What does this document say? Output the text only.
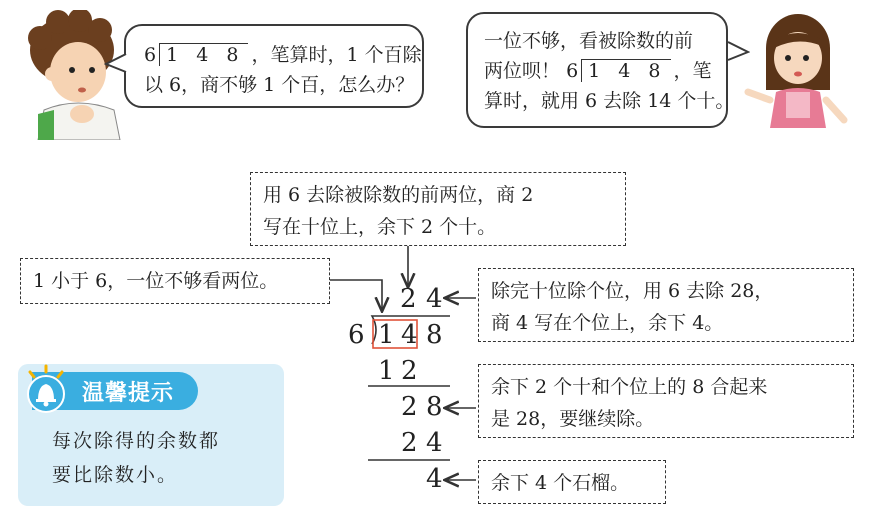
6 1 4 8 ，笔算时，1 个百除
以 6，商不够 1 个百，怎么办？
一位不够，看被除数的前
两位呗！ 6 1 4 8 ，笔
算时，就用 6 去除 14 个十。
用 6 去除被除数的前两位，商 2
写在十位上，余下 2 个十。
1 小于 6，一位不够看两位。	除完十位除个位，用 6 去除 28，
商 4 写在个位上，余下 4。
余下 2 个十和个位上的 8 合起来
是 28，要继续除。
余下 4 个石榴。
2 4
6 1 4 8
1 2
2 8
2 4
4
温馨提示
每次除得的余数都
要比除数小。
